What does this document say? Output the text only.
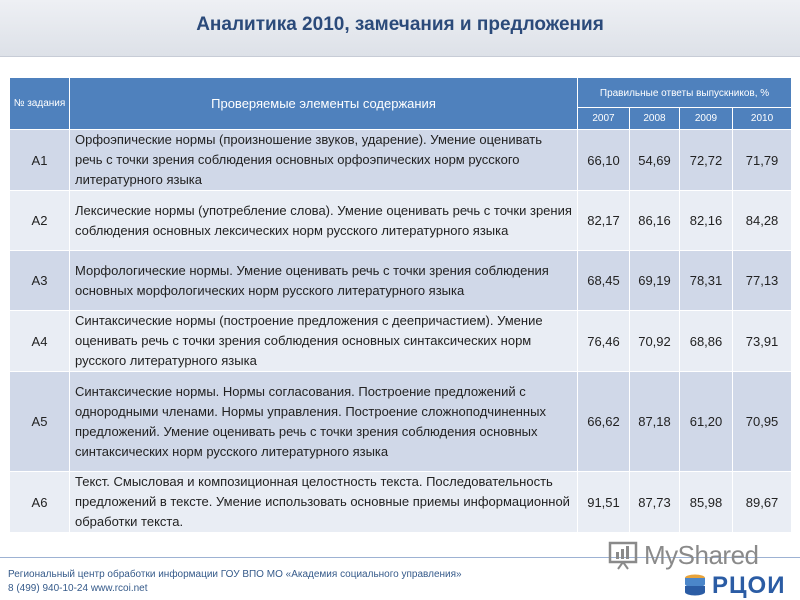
Аналитика 2010, замечания и предложения
№ задания	Проверяемые элементы содержания	Правильные ответы выпускников, %			
		2007	2008	2009	2010
А1	Орфоэпические нормы (произношение звуков, ударение). Умение оценивать речь с точки зрения соблюдения основных орфоэпических норм русского литературного языка	66,10	54,69	72,72	71,79
А2	Лексические нормы (употребление слова). Умение оценивать речь с точки зрения соблюдения основных лексических норм русского литературного языка	82,17	86,16	82,16	84,28
А3	Морфологические нормы. Умение оценивать речь с точки зрения соблюдения основных морфологических норм русского литературного языка	68,45	69,19	78,31	77,13
А4	Синтаксические нормы (построение предложения с деепричастием). Умение оценивать речь с точки зрения соблюдения основных синтаксических норм русского литературного языка	76,46	70,92	68,86	73,91
А5	Синтаксические нормы. Нормы согласования. Построение предложений с однородными членами. Нормы управления. Построение сложноподчиненных предложений. Умение оценивать речь с точки зрения соблюдения основных синтаксических норм русского литературного языка	66,62	87,18	61,20	70,95
А6	Текст. Смысловая и композиционная целостность текста. Последовательность предложений в тексте. Умение использовать основные приемы информационной обработки текста.	91,51	87,73	85,98	89,67
Региональный центр обработки информации ГОУ ВПО МО «Академия социального управления»
8 (499) 940-10-24 www.rcoi.net
MyShared
РЦОИ
